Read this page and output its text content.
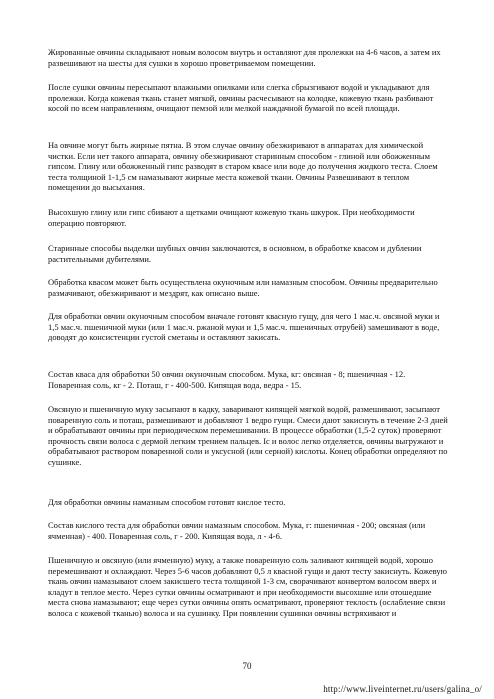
Жированные овчины складывают новым волосом внутрь и оставляют для пролежки на 4-6 часов, а затем их развешивают на шесты для сушки в хорошо проветриваемом помещении.

После сушки овчины пересыпают влажными опилками или слегка сбрызгивают водой и укладывают для пролежки. Когда кожевая ткань станет мягкой, овчины расчесывают на колодке, кожевую ткань разбивают косой по всем направлениям, очищают пемзой или мелкой наждачной бумагой по всей площади.

На овчине могут быть жирные пятна. В этом случае овчину обезжиривают в аппаратах для химической чистки. Если нет такого аппарата, овчину обезжиривают старинным способом - глиной или обожженным гипсом. Глину или обожженный гипс разводят в старом квасе или воде до получения жидкого теста. Слоем теста толщиной 1-1,5 см намазывают жирные места кожевой ткани. Овчины Развешивают в теплом помещении до высыхания.

Высохшую глину или гипс сбивают а щетками очищают кожевую ткань шкурок. При необходимости операцию повторяют.

Старинные способы выделки шубных овчин заключаются, в основном, в обработке квасом и дублении растительными дубителями.

Обработка квасом может быть осуществлена окуночным или намазным способом. Овчины предварительно размачивают, обезжиривают и мездрят, как описано выше.

Для обработки овчин окуночным способом вначале готовят квасную гущу, для чего 1 мас.ч. овсяной муки и 1,5 мас.ч. пшеничной муки (или 1 мас.ч. ржаной муки и 1,5 мас.ч. пшеничных отрубей) замешивают в воде, доводят до консистенции густой сметаны и оставляют закисать.

Состав кваса для обработки 50 овчин окуночным способом. Мука, кг: овсяная - 8; пшеничная - 12. Поваренная соль, кг - 2. Поташ, г - 400-500. Кипящая вода, ведра - 15.

Овсяную и пшеничную муку засыпают в кадку, заваривают кипящей мягкой водой, размешивают, засыпают поваренную соль и поташ, размешивают и добавляют 1 ведро гущи. Смеси дают закиснуть в течение 2-3 дней и обрабатывают овчины при периодическом перемешивании. В процессе обработки (1,5-2 суток) проверяют прочность связи волоса с дермой легким трением пальцев. Iс и волос легко отделяется, овчины выгружают и обрабатывают раствором поваренной соли и уксусной (или серной) кислоты. Конец обработки определяют по сушинке.

Для обработки овчины намазным способом готовят кислое тесто.

Состав кислого теста для обработки овчин намазным способом. Мука, г: пшеничная - 200; овсяная (или ячменная) - 400. Поваренная соль, г - 200. Кипящая вода, л - 4-6.

Пшеничную и овсяную (или ячменную) муку, а также поваренную соль заливают кипящей водой, хорошо перемешивают и охлаждают. Через 5-6 часов добавляют 0,5 л квасной гущи и дают тесту закиснуть. Кожевую ткань овчин намазывают слоем закисшего теста толщиной 1-3 см, сворачивают конвертом волосом вверх и кладут в теплое место. Через сутки овчины осматривают и при необходимости высохшие или отошедшие места снова намазывают; еще через сутки овчины опять осматривают, проверяют теклость (ослабление связи волоса с кожевой тканью) волоса и на сушинку. При появлении сушинки овчины встряхивают и

70
http://www.liveinternet.ru/users/galina_o/
